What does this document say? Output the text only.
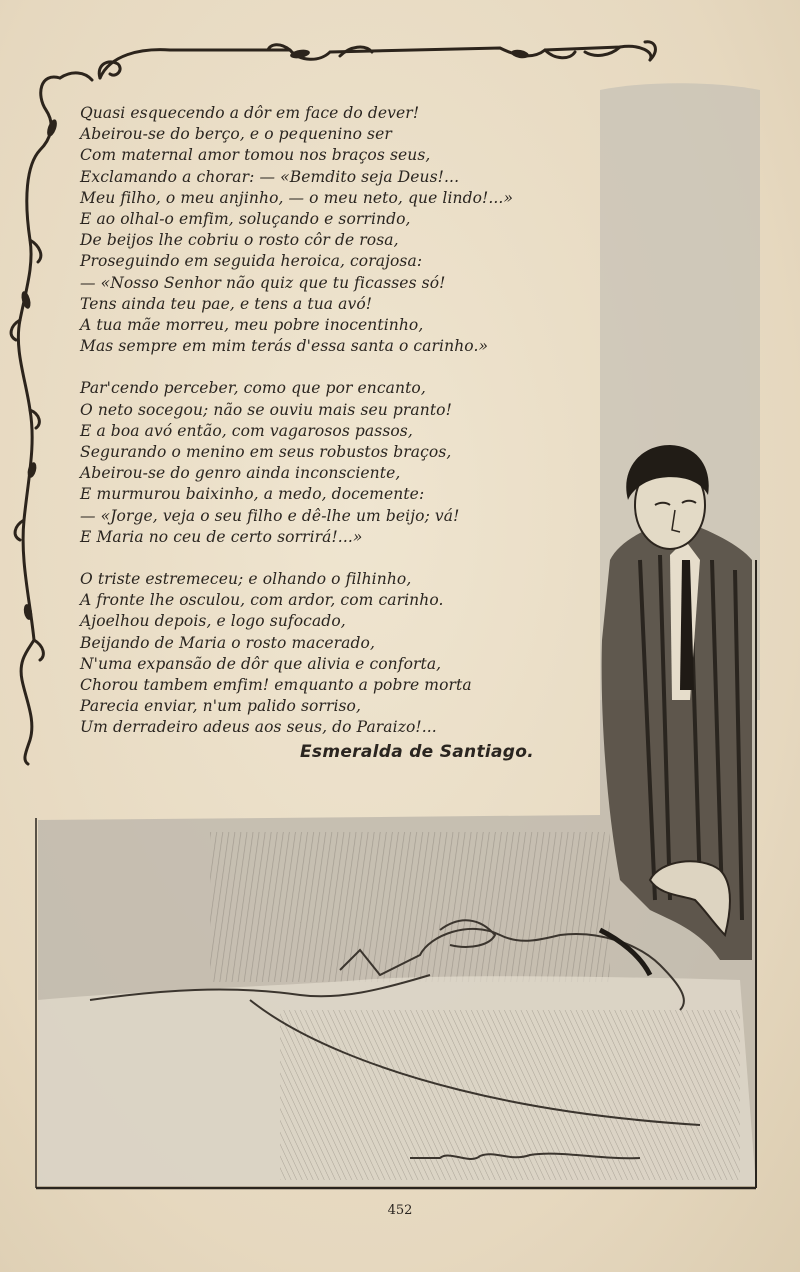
Quasi esquecendo a dôr em face do dever!
Abeirou-se do berço, e o pequenino ser
Com maternal amor tomou nos braços seus,
Exclamando a chorar: — «Bemdito seja Deus!...
Meu filho, o meu anjinho, — o meu neto, que lindo!...»
E ao olhal-o emfim, soluçando e sorrindo,
De beijos lhe cobriu o rosto côr de rosa,
Proseguindo em seguida heroica, corajosa:
— «Nosso Senhor não quiz que tu ficasses só!
Tens ainda teu pae, e tens a tua avó!
A tua mãe morreu, meu pobre inocentinho,
Mas sempre em mim terás d'essa santa o carinho.»
Par'cendo perceber, como que por encanto,
O neto socegou; não se ouviu mais seu pranto!
E a boa avó então, com vagarosos passos,
Segurando o menino em seus robustos braços,
Abeirou-se do genro ainda inconsciente,
E murmurou baixinho, a medo, docemente:
— «Jorge, veja o seu filho e dê-lhe um beijo; vá!
E Maria no ceu de certo sorrirá!...»
O triste estremeceu; e olhando o filhinho,
A fronte lhe osculou, com ardor, com carinho.
Ajoelhou depois, e logo sufocado,
Beijando de Maria o rosto macerado,
N'uma expansão de dôr que alivia e conforta,
Chorou tambem emfim! emquanto a pobre morta
Parecia enviar, n'um palido sorriso,
Um derradeiro adeus aos seus, do Paraizo!...
Esmeralda de Santiago.
452
